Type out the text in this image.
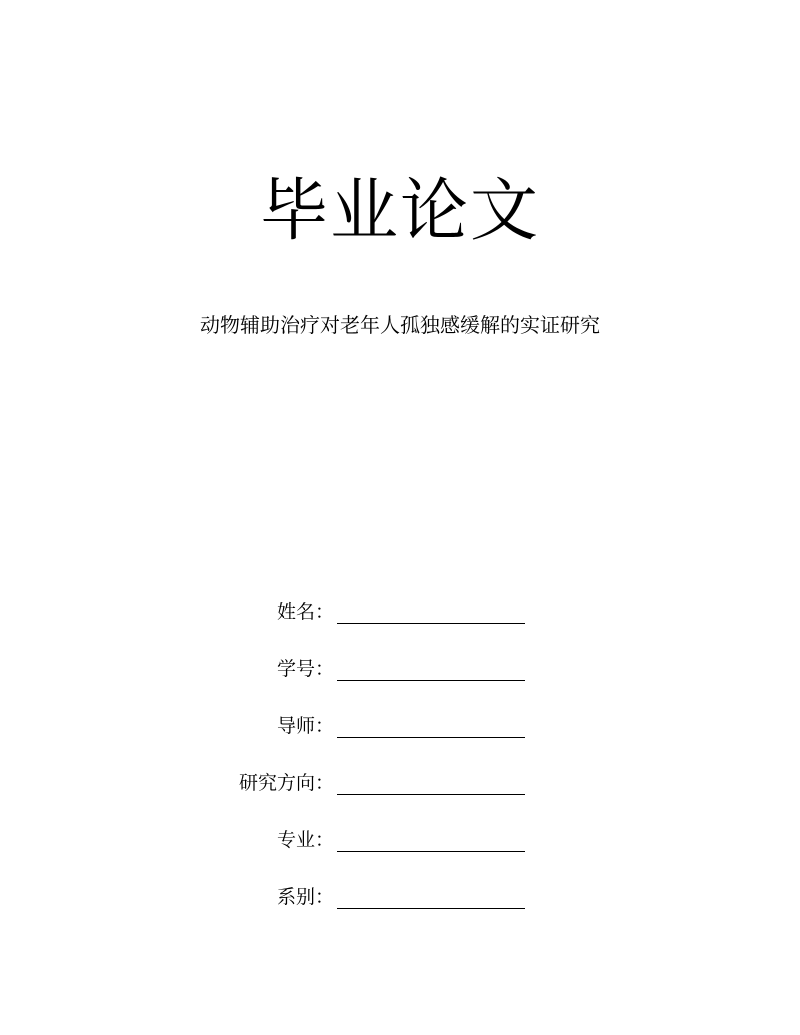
毕业论文
动物辅助治疗对老年人孤独感缓解的实证研究
姓名：
学号：
导师：
研究方向：
专业：
系别：
